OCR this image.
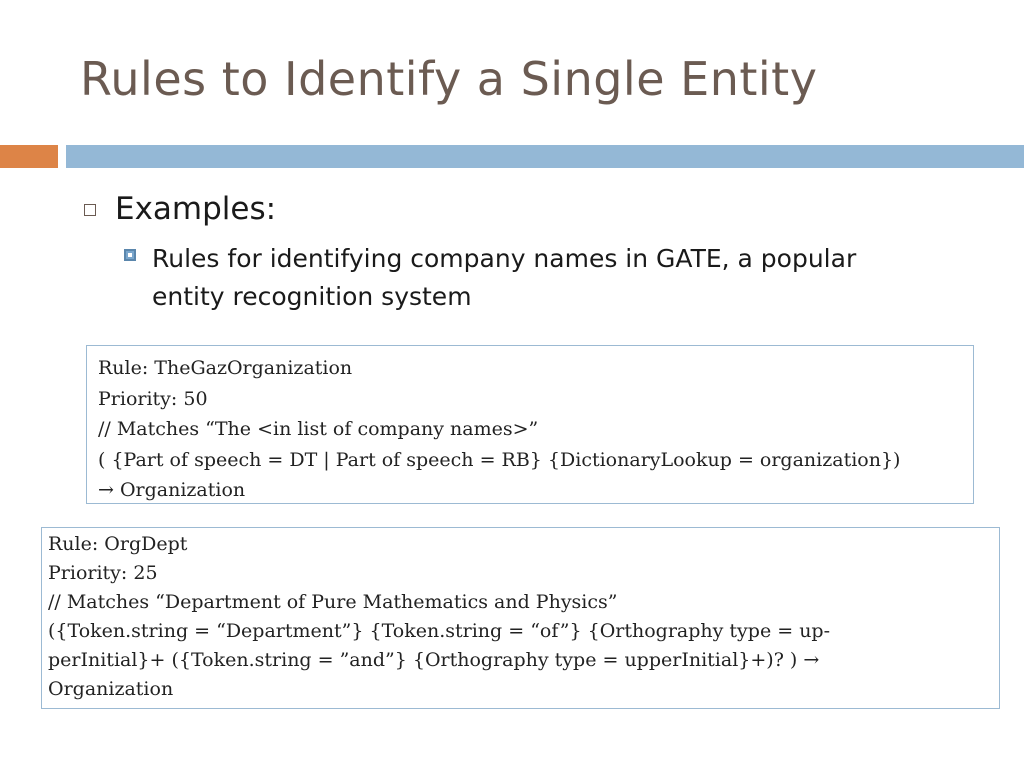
Rules to Identify a Single Entity
Examples:
Rules for identifying company names in GATE, a popular entity recognition system
Rule: TheGazOrganization
Priority: 50
// Matches “The <in list of company names>”
( {Part of speech = DT | Part of speech = RB} {DictionaryLookup = organization})
→ Organization
Rule: OrgDept
Priority: 25
// Matches “Department of Pure Mathematics and Physics”
({Token.string = “Department”} {Token.string = “of”} {Orthography type = up-
perInitial}+ ({Token.string = ”and”} {Orthography type = upperInitial}+)? ) →
Organization
